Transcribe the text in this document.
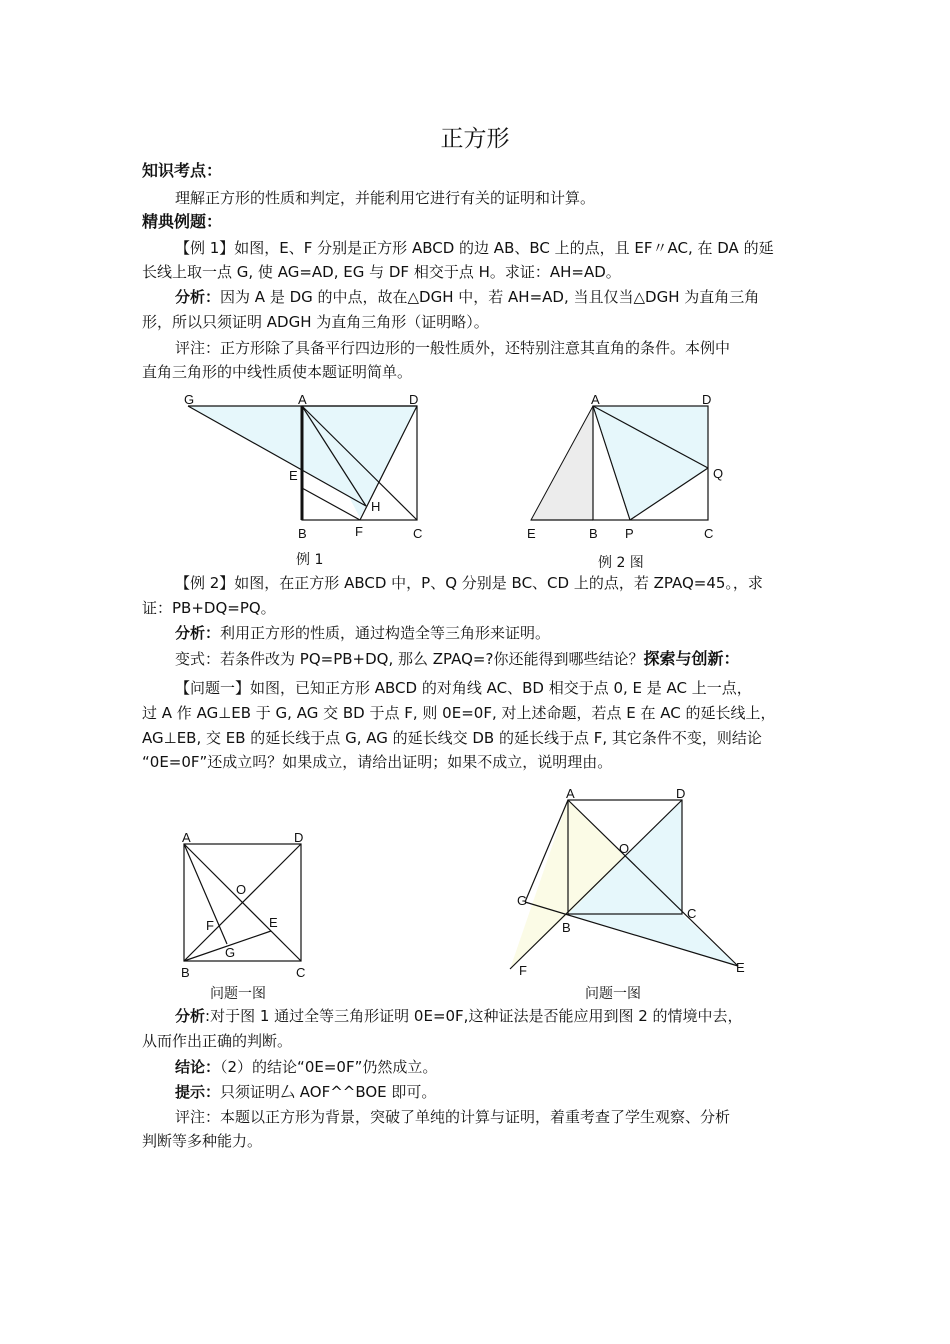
正方形
知识考点：
理解正方形的性质和判定，并能利用它进行有关的证明和计算。
精典例题：
【例 1】如图，E、F 分别是正方形 ABCD 的边 AB、BC 上的点，且 EF〃AC, 在 DA 的延
长线上取一点 G, 使 AG=AD, EG 与 DF 相交于点 H。求证：AH=AD。
分析：因为 A 是 DG 的中点，故在△DGH 中，若 AH=AD, 当且仅当△DGH 为直角三角
形，所以只须证明 ADGH 为直角三角形（证明略）。
评注：正方形除了具备平行四边形的一般性质外，还特别注意其直角的条件。本例中
直角三角形的中线性质使本题证明简单。
G	A	D
E
H
B	F	C
例 1
A	D
Q
E	B P	C
例 2 图
【例 2】如图，在正方形 ABCD 中，P、Q 分别是 BC、CD 上的点，若 ZPAQ=45。，求
证：PB+DQ=PQ。
分析：利用正方形的性质，通过构造全等三角形来证明。
变式：若条件改为 PQ=PB+DQ, 那么 ZPAQ=?你还能得到哪些结论？探索与创新：
【问题一】如图，已知正方形 ABCD 的对角线 AC、BD 相交于点 0, E 是 AC 上一点，
过 A 作 AG⊥EB 于 G, AG 交 BD 于点 F, 则 0E=0F, 对上述命题，若点 E 在 AC 的延长线上，
AG⊥EB, 交 EB 的延长线于点 G, AG 的延长线交 DB 的延长线于点 F, 其它条件不变，则结论
“0E=0F”还成立吗？如果成立，请给出证明；如果不成立，说明理由。
A	D
O
F	E
G
B	C
问题一图
A	D
O
G
B
C
F	E
问题一图
分析:对于图 1 通过全等三角形证明 0E=0F,这种证法是否能应用到图 2 的情境中去，
从而作出正确的判断。
结论：（2）的结论“0E=0F”仍然成立。
提示：只须证明厶 AOF^^BOE 即可。
评注：本题以正方形为背景，突破了单纯的计算与证明，着重考查了学生观察、分析
判断等多种能力。
